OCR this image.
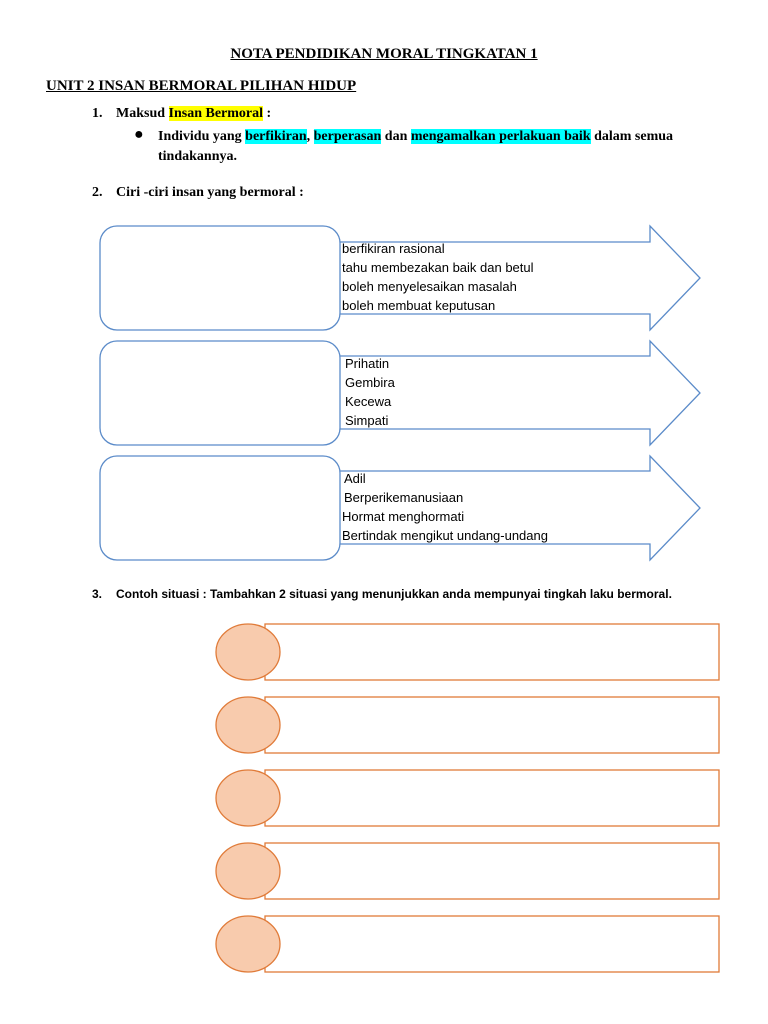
NOTA PENDIDIKAN MORAL TINGKATAN 1
UNIT 2 INSAN BERMORAL PILIHAN HIDUP
1. Maksud Insan Bermoral :
● Individu yang berfikiran, berperasan dan mengamalkan perlakuan baik dalam semua tindakannya.
2. Ciri -ciri insan yang bermoral :
berfikiran rasional
tahu membezakan baik dan betul
boleh menyelesaikan masalah
boleh membuat keputusan
Prihatin
Gembira
Kecewa
Simpati
Adil
Berperikemanusiaan
Hormat menghormati
Bertindak mengikut undang-undang
3. Contoh situasi : Tambahkan 2 situasi yang menunjukkan anda mempunyai tingkah laku bermoral.
